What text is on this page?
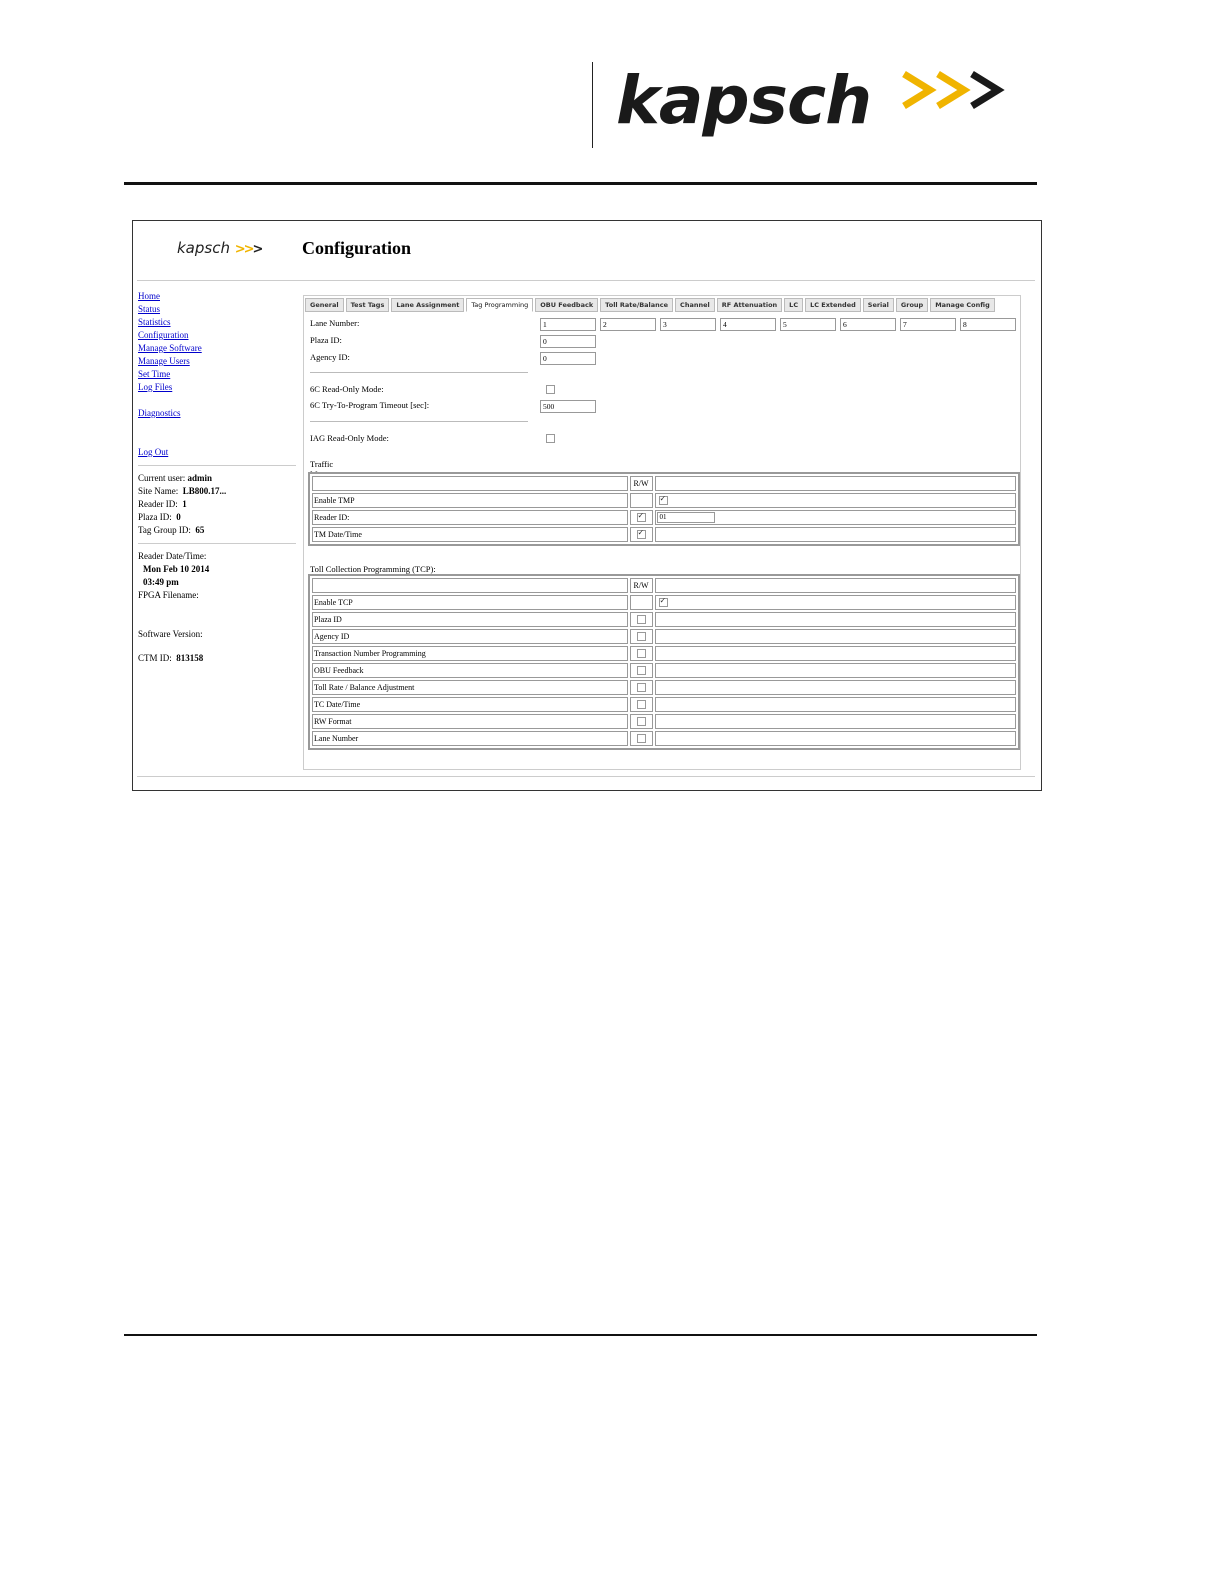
kapsch
kapsch >>> Configuration
Home
Status
Statistics
Configuration
Manage Software
Manage Users
Set Time
Log Files
Diagnostics
Log Out
Current user: admin
Site Name: LB800.17...
Reader ID: 1
Plaza ID: 0
Tag Group ID: 65
Reader Date/Time:
Mon Feb 10 2014
03:49 pm
FPGA Filename:
Software Version:
CTM ID: 813158
General	Test Tags	Lane Assignment	Tag Programming	OBU Feedback	Toll Rate/Balance	Channel	RF Attenuation	LC	LC Extended	Serial	Group	Manage Config
Lane Number:	1	2	3	4	5	6	7	8
Plaza ID:	0
Agency ID:	0
6C Read-Only Mode:
6C Try-To-Program Timeout [sec]:	500
IAG Read-Only Mode:
Traffic
	R/W	
Enable TMP		✓
Reader ID:	✓	01
TM Date/Time	✓	
Toll Collection Programming (TCP):
	R/W	
Enable TCP		✓
Plaza ID		
Agency ID		
Transaction Number Programming		
OBU Feedback		
Toll Rate / Balance Adjustment		
TC Date/Time		
RW Format		
Lane Number		
